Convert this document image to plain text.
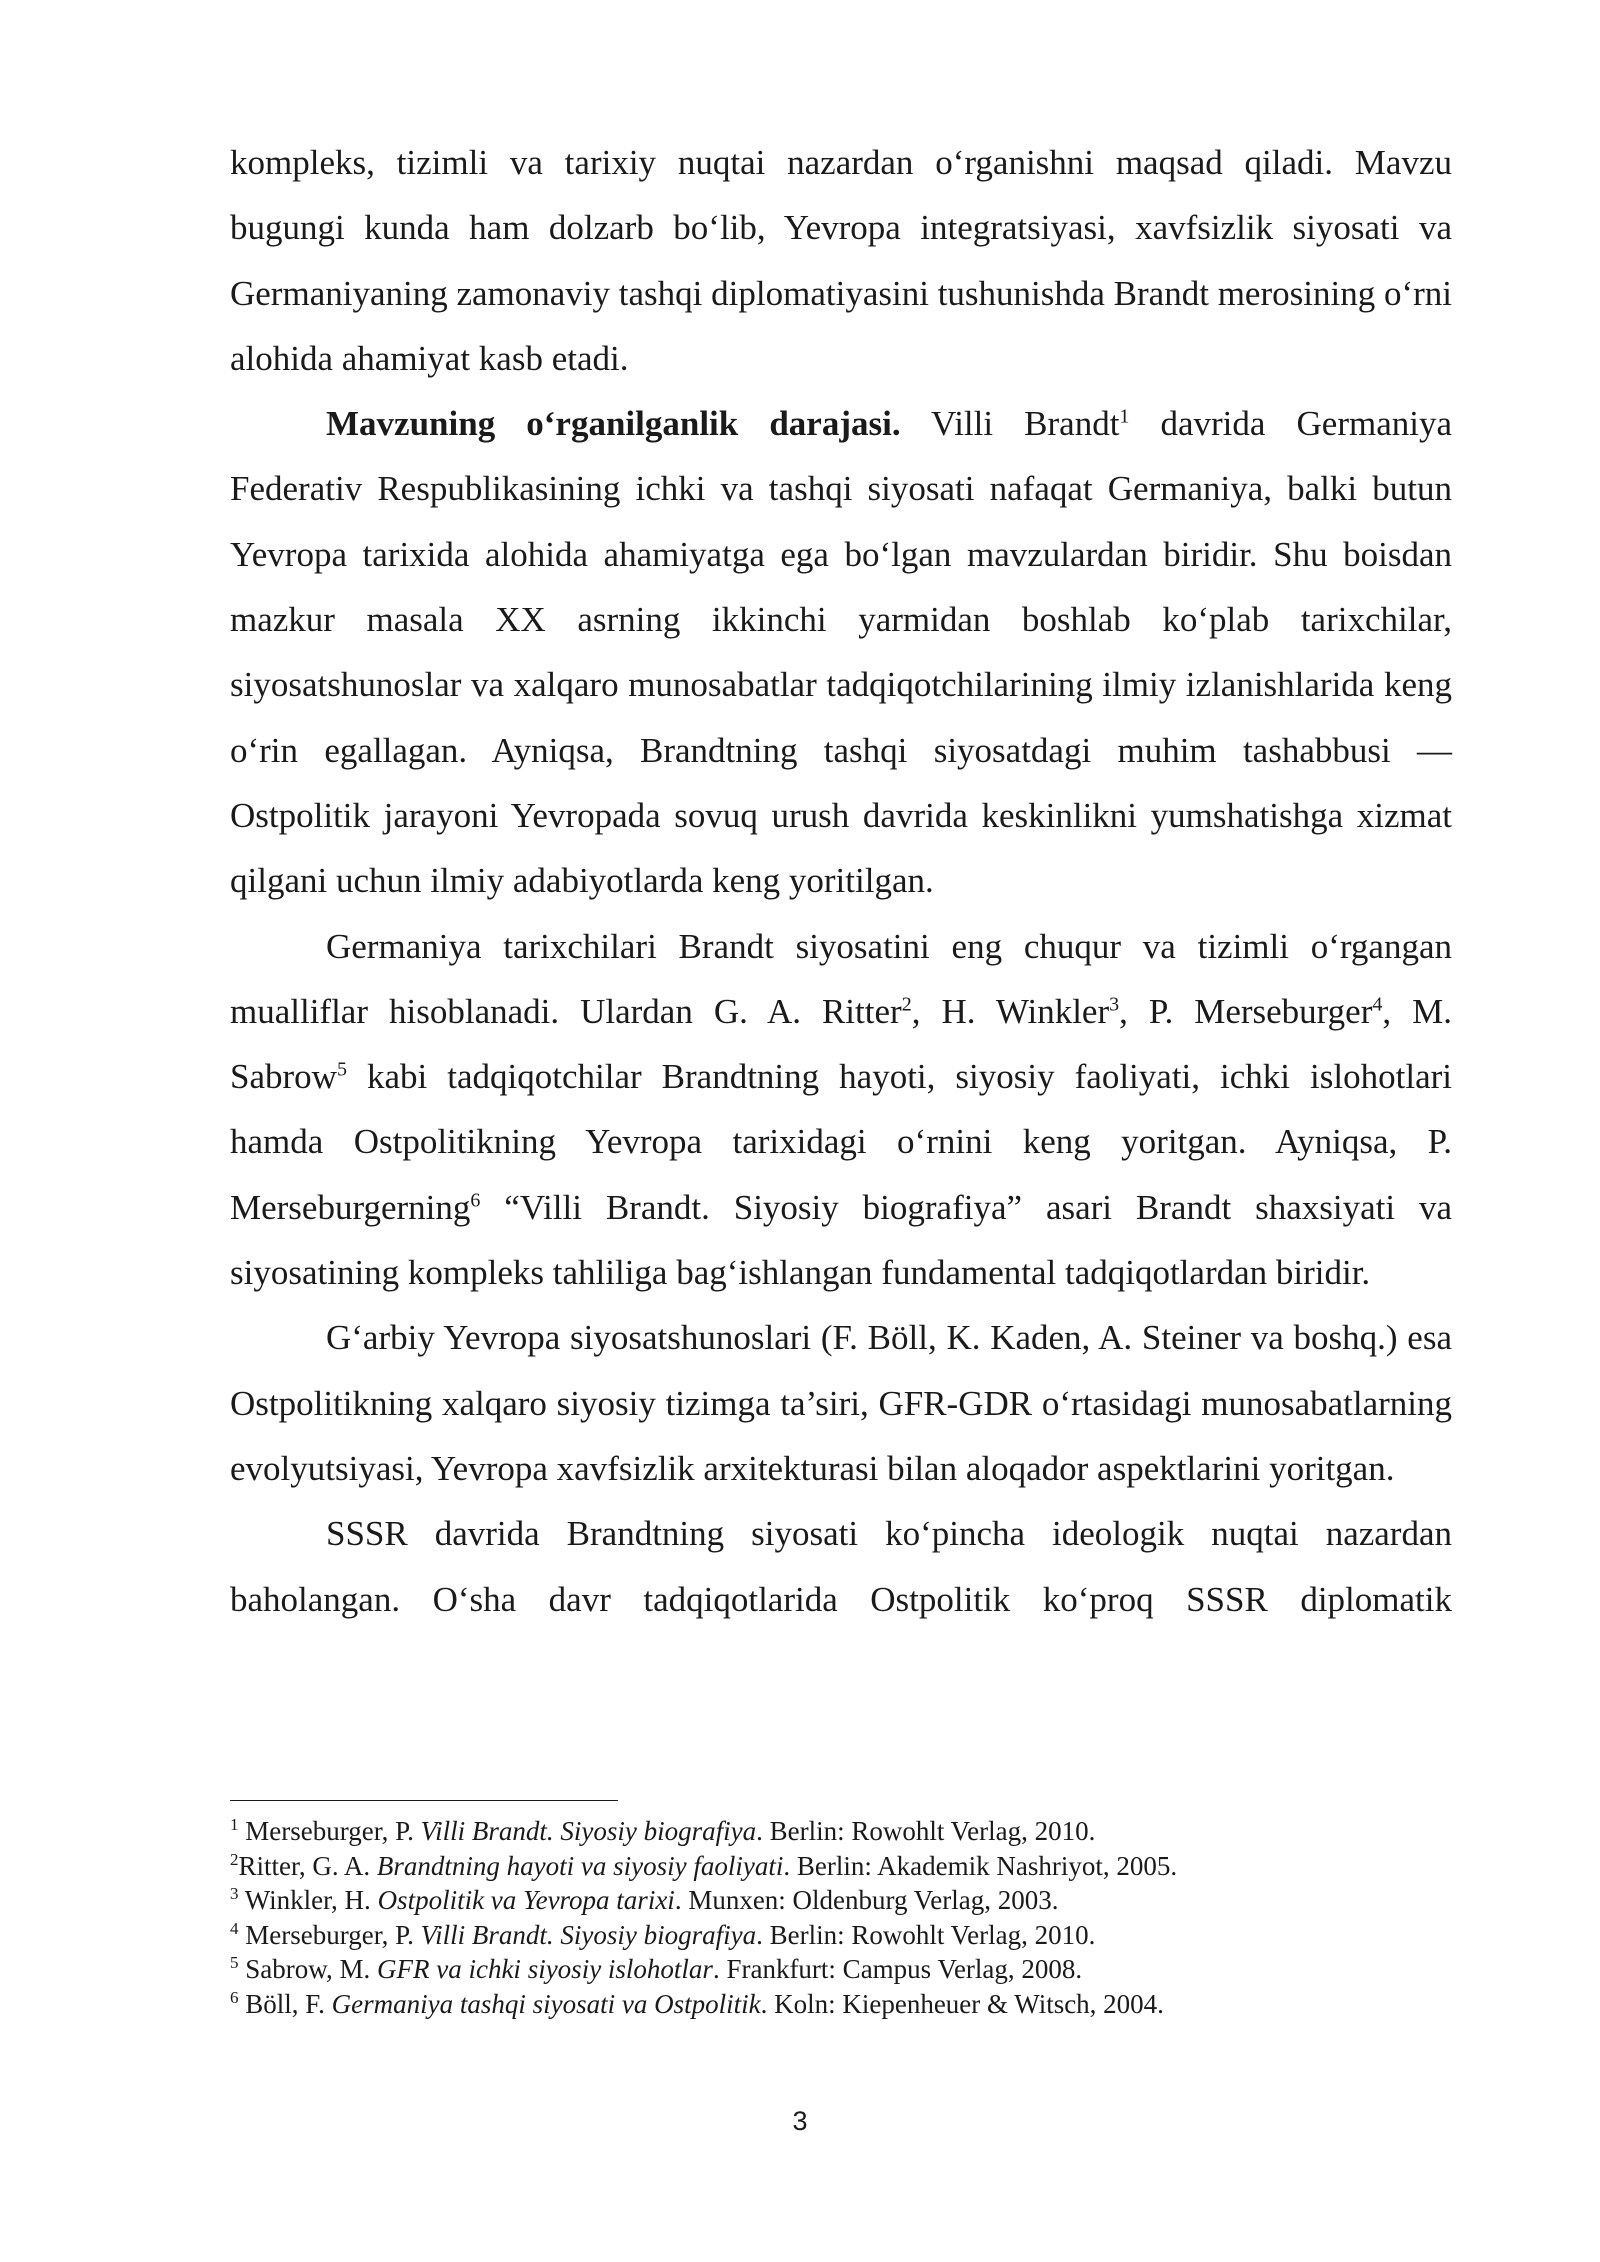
kompleks, tizimli va tarixiy nuqtai nazardan o‘rganishni maqsad qiladi. Mavzu bugungi kunda ham dolzarb bo‘lib, Yevropa integratsiyasi, xavfsizlik siyosati va Germaniyaning zamonaviy tashqi diplomatiyasini tushunishda Brandt merosining o‘rni alohida ahamiyat kasb etadi.

Mavzuning o‘rganilganlik darajasi. Villi Brandt$^1$ davrida Germaniya Federativ Respublikasining ichki va tashqi siyosati nafaqat Germaniya, balki butun Yevropa tarixida alohida ahamiyatga ega bo‘lgan mavzulardan biridir. Shu boisdan mazkur masala XX asrning ikkinchi yarmidan boshlab ko‘plab tarixchilar, siyosatshunoslar va xalqaro munosabatlar tadqiqotchilarining ilmiy izlanishlarida keng o‘rin egallagan. Ayniqsa, Brandtning tashqi siyosatdagi muhim tashabbusi — Ostpolitik jarayoni Yevropada sovuq urush davrida keskinlikni yumshatishga xizmat qilgani uchun ilmiy adabiyotlarda keng yoritilgan.

Germaniya tarixchilari Brandt siyosatini eng chuqur va tizimli o‘rgangan mualliflar hisoblanadi. Ulardan G. A. Ritter$^2$, H. Winkler$^3$, P. Merseburger$^4$, M. Sabrow$^5$ kabi tadqiqotchilar Brandtning hayoti, siyosiy faoliyati, ichki islohotlari hamda Ostpolitikning Yevropa tarixidagi o‘rnini keng yoritgan. Ayniqsa, P. Merseburgerning$^6$ “Villi Brandt. Siyosiy biografiya” asari Brandt shaxsiyati va siyosatining kompleks tahliliga bag‘ishlangan fundamental tadqiqotlardan biridir.

G‘arbiy Yevropa siyosatshunoslari (F. Böll, K. Kaden, A. Steiner va boshq.) esa Ostpolitikning xalqaro siyosiy tizimga ta’siri, GFR-GDR o‘rtasidagi munosabatlarning evolyutsiyasi, Yevropa xavfsizlik arxitekturasi bilan aloqador aspektlarini yoritgan.

SSSR davrida Brandtning siyosati ko‘pincha ideologik nuqtai nazardan baholangan. O‘sha davr tadqiqotlarida Ostpolitik ko‘proq SSSR diplomatik

$^1$ Merseburger, P. Villi Brandt. Siyosiy biografiya. Berlin: Rowohlt Verlag, 2010.
$^2$Ritter, G. A. Brandtning hayoti va siyosiy faoliyati. Berlin: Akademik Nashriyot, 2005.
$^3$ Winkler, H. Ostpolitik va Yevropa tarixi. Munxen: Oldenburg Verlag, 2003.
$^4$ Merseburger, P. Villi Brandt. Siyosiy biografiya. Berlin: Rowohlt Verlag, 2010.
$^5$ Sabrow, M. GFR va ichki siyosiy islohotlar. Frankfurt: Campus Verlag, 2008.
$^6$ Böll, F. Germaniya tashqi siyosati va Ostpolitik. Koln: Kiepenheuer & Witsch, 2004.
3
